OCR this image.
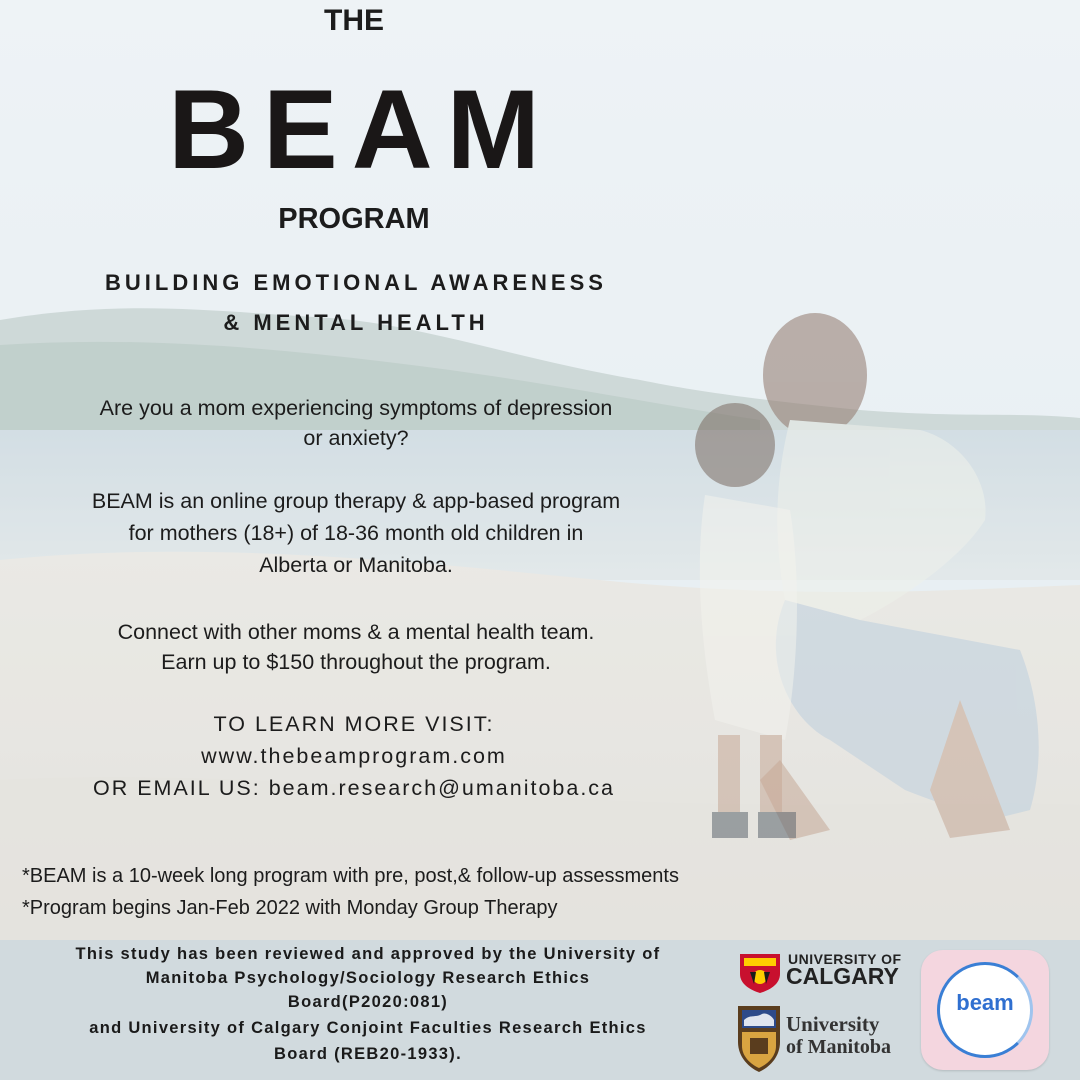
THE
BEAM
PROGRAM
BUILDING EMOTIONAL AWARENESS
& MENTAL HEALTH
Are you a mom experiencing symptoms of depression
or anxiety?
BEAM is an online group therapy & app-based program
for mothers (18+) of 18-36 month old children in
Alberta or Manitoba.
Connect with other moms & a mental health team.
Earn up to $150 throughout the program.
TO LEARN MORE VISIT:
www.thebeamprogram.com
OR EMAIL US: beam.research@umanitoba.ca
*BEAM is a 10-week long program with pre, post,& follow-up assessments
*Program begins Jan-Feb 2022 with Monday Group Therapy
This study has been reviewed and approved by the University of
Manitoba Psychology/Sociology Research Ethics
Board(P2020:081)
and University of Calgary Conjoint Faculties Research Ethics
Board (REB20-1933).
UNIVERSITY OF
CALGARY
University
of Manitoba
beam
